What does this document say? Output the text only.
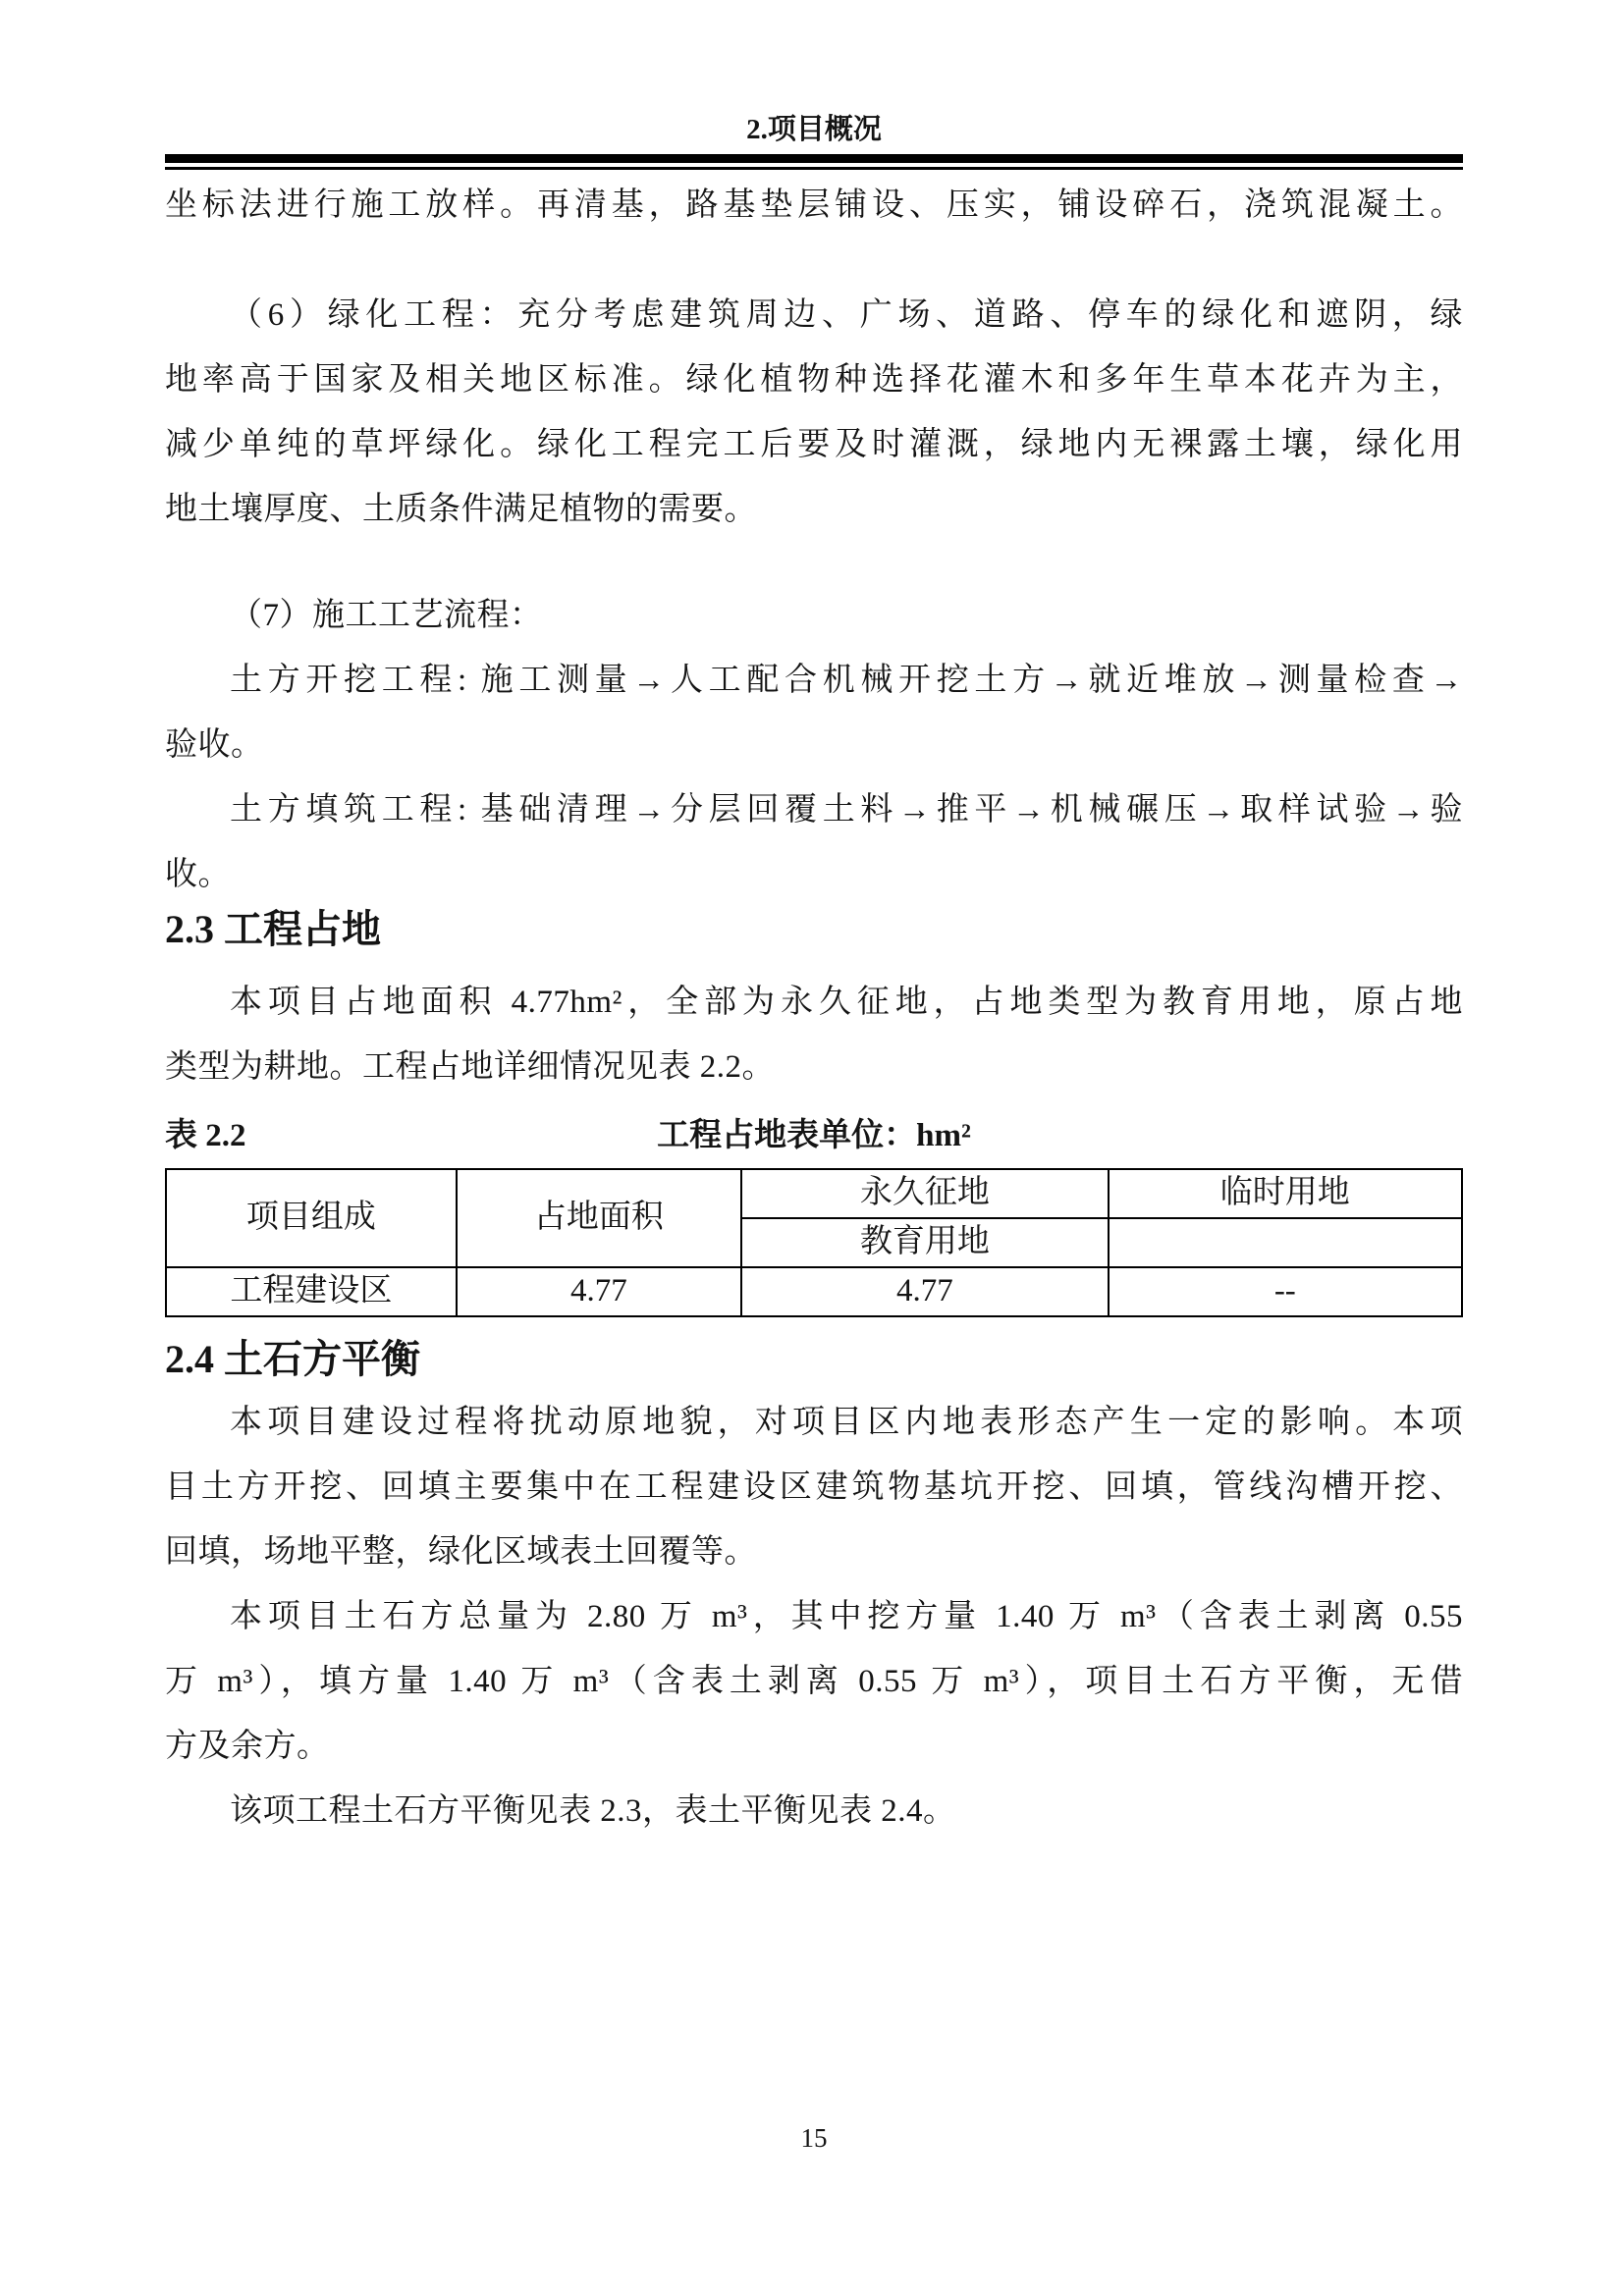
2.项目概况
坐标法进行施工放样。再清基，路基垫层铺设、压实，铺设碎石，浇筑混凝土。
（6）绿化工程：充分考虑建筑周边、广场、道路、停车的绿化和遮阴，绿
地率高于国家及相关地区标准。绿化植物种选择花灌木和多年生草本花卉为主，
减少单纯的草坪绿化。绿化工程完工后要及时灌溉，绿地内无裸露土壤，绿化用
地土壤厚度、土质条件满足植物的需要。
（7）施工工艺流程：
土方开挖工程: 施工测量→人工配合机械开挖土方→就近堆放→测量检查→
验收。
土方填筑工程: 基础清理→分层回覆土料→推平→机械碾压→取样试验→验
收。
2.3 工程占地
本项目占地面积 4.77hm²，全部为永久征地，占地类型为教育用地，原占地
类型为耕地。工程占地详细情况见表 2.2。
表 2.2	工程占地表单位：hm²
项目组成	占地面积	永久征地	临时用地
		教育用地	
工程建设区	4.77	4.77	--
2.4 土石方平衡
本项目建设过程将扰动原地貌，对项目区内地表形态产生一定的影响。本项
目土方开挖、回填主要集中在工程建设区建筑物基坑开挖、回填，管线沟槽开挖、
回填，场地平整，绿化区域表土回覆等。
本项目土石方总量为 2.80 万 m³，其中挖方量 1.40 万 m³（含表土剥离 0.55
万 m³），填方量 1.40 万 m³（含表土剥离 0.55 万 m³），项目土石方平衡，无借
方及余方。
该项工程土石方平衡见表 2.3，表土平衡见表 2.4。
15
